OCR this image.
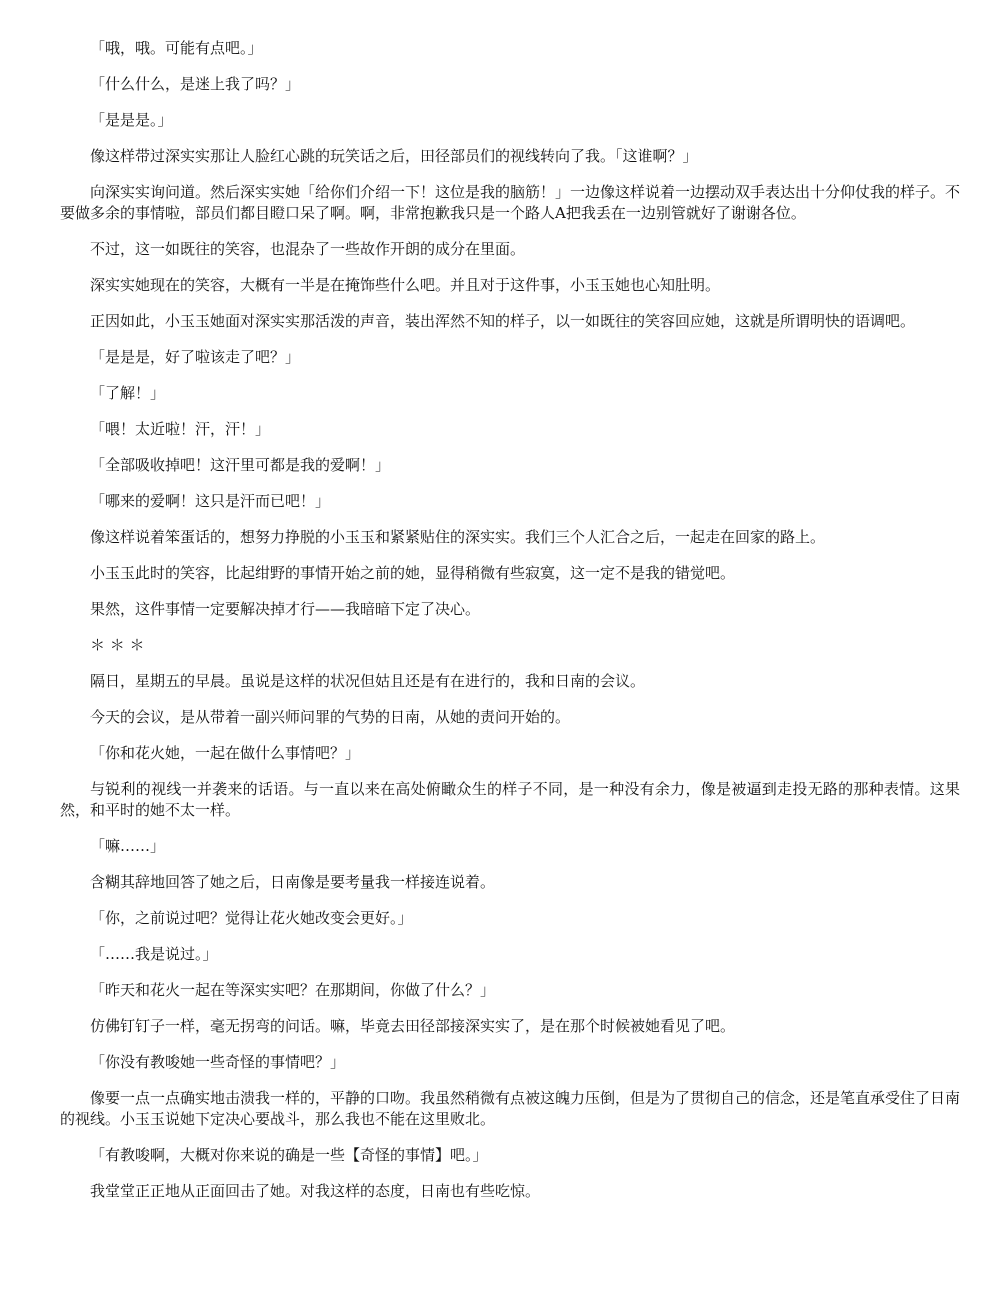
「哦，哦。可能有点吧。」

「什么什么，是迷上我了吗？」

「是是是。」

像这样带过深实实那让人脸红心跳的玩笑话之后，田径部员们的视线转向了我。「这谁啊？」

向深实实询问道。然后深实实她「给你们介绍一下！这位是我的脑筋！」一边像这样说着一边摆动双手表达出十分仰仗我的样子。不要做多余的事情啦，部员们都目瞪口呆了啊。啊，非常抱歉我只是一个路人A把我丢在一边别管就好了谢谢各位。

不过，这一如既往的笑容，也混杂了一些故作开朗的成分在里面。

深实实她现在的笑容，大概有一半是在掩饰些什么吧。并且对于这件事，小玉玉她也心知肚明。

正因如此，小玉玉她面对深实实那活泼的声音，装出浑然不知的样子，以一如既往的笑容回应她，这就是所谓明快的语调吧。

「是是是，好了啦该走了吧？」

「了解！」

「喂！太近啦！汗，汗！」

「全部吸收掉吧！这汗里可都是我的爱啊！」

「哪来的爱啊！这只是汗而已吧！」

像这样说着笨蛋话的，想努力挣脱的小玉玉和紧紧贴住的深实实。我们三个人汇合之后，一起走在回家的路上。

小玉玉此时的笑容，比起绀野的事情开始之前的她，显得稍微有些寂寞，这一定不是我的错觉吧。

果然，这件事情一定要解决掉才行——我暗暗下定了决心。

＊ ＊ ＊

隔日，星期五的早晨。虽说是这样的状况但姑且还是有在进行的，我和日南的会议。

今天的会议，是从带着一副兴师问罪的气势的日南，从她的责问开始的。

「你和花火她，一起在做什么事情吧？」

与锐利的视线一并袭来的话语。与一直以来在高处俯瞰众生的样子不同，是一种没有余力，像是被逼到走投无路的那种表情。这果然，和平时的她不太一样。

「嘛……」

含糊其辞地回答了她之后，日南像是要考量我一样接连说着。

「你，之前说过吧？觉得让花火她改变会更好。」

「……我是说过。」

「昨天和花火一起在等深实实吧？在那期间，你做了什么？」

仿佛钉钉子一样，毫无拐弯的问话。嘛，毕竟去田径部接深实实了，是在那个时候被她看见了吧。

「你没有教唆她一些奇怪的事情吧？」

像要一点一点确实地击溃我一样的，平静的口吻。我虽然稍微有点被这魄力压倒，但是为了贯彻自己的信念，还是笔直承受住了日南的视线。小玉玉说她下定决心要战斗，那么我也不能在这里败北。

「有教唆啊，大概对你来说的确是一些【奇怪的事情】吧。」

我堂堂正正地从正面回击了她。对我这样的态度，日南也有些吃惊。
